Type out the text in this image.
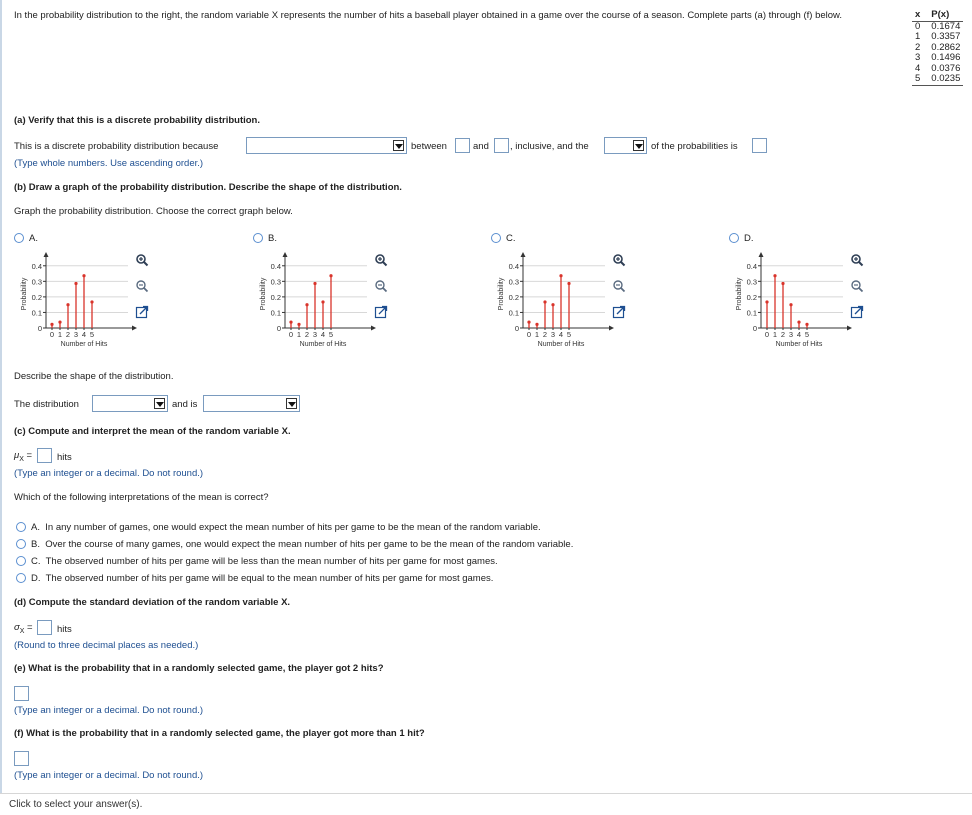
In the probability distribution to the right, the random variable X represents the number of hits a baseball player obtained in a game over the course of a season. Complete parts (a) through (f) below.	x	P(x)
0	0.1674
1	0.3357
2	0.2862
3	0.1496
4	0.0376
5	0.0235
(a) Verify that this is a discrete probability distribution.
This is a discrete probability distribution because	between	and , inclusive, and the	of the probabilities is
(Type whole numbers. Use ascending order.)
(b) Draw a graph of the probability distribution. Describe the shape of the distribution.
Graph the probability distribution. Choose the correct graph below.
A.
0.4
0.3
0.2
0.1
0
0 1 2 3 4 5
Number of Hits
Probability
B.
0.4
0.3
0.2
0.1
0
0 1 2 3 4 5
Number of Hits
Probability
C.
0.4
0.3
0.2
0.1
0
0 1 2 3 4 5
Number of Hits
Probability
D.
0.4
0.3
0.2
0.1
0
0 1 2 3 4 5
Number of Hits
Probability
Describe the shape of the distribution.
The distribution	and is
(c) Compute and interpret the mean of the random variable X.
$\mu_X$ =	hits
(Type an integer or a decimal. Do not round.)
Which of the following interpretations of the mean is correct?
A. In any number of games, one would expect the mean number of hits per game to be the mean of the random variable.
B. Over the course of many games, one would expect the mean number of hits per game to be the mean of the random variable.
C. The observed number of hits per game will be less than the mean number of hits per game for most games.
D. The observed number of hits per game will be equal to the mean number of hits per game for most games.
(d) Compute the standard deviation of the random variable X.
$\sigma_X$ =	hits
(Round to three decimal places as needed.)
(e) What is the probability that in a randomly selected game, the player got 2 hits?
(Type an integer or a decimal. Do not round.)
(f) What is the probability that in a randomly selected game, the player got more than 1 hit?
(Type an integer or a decimal. Do not round.)
Click to select your answer(s).
